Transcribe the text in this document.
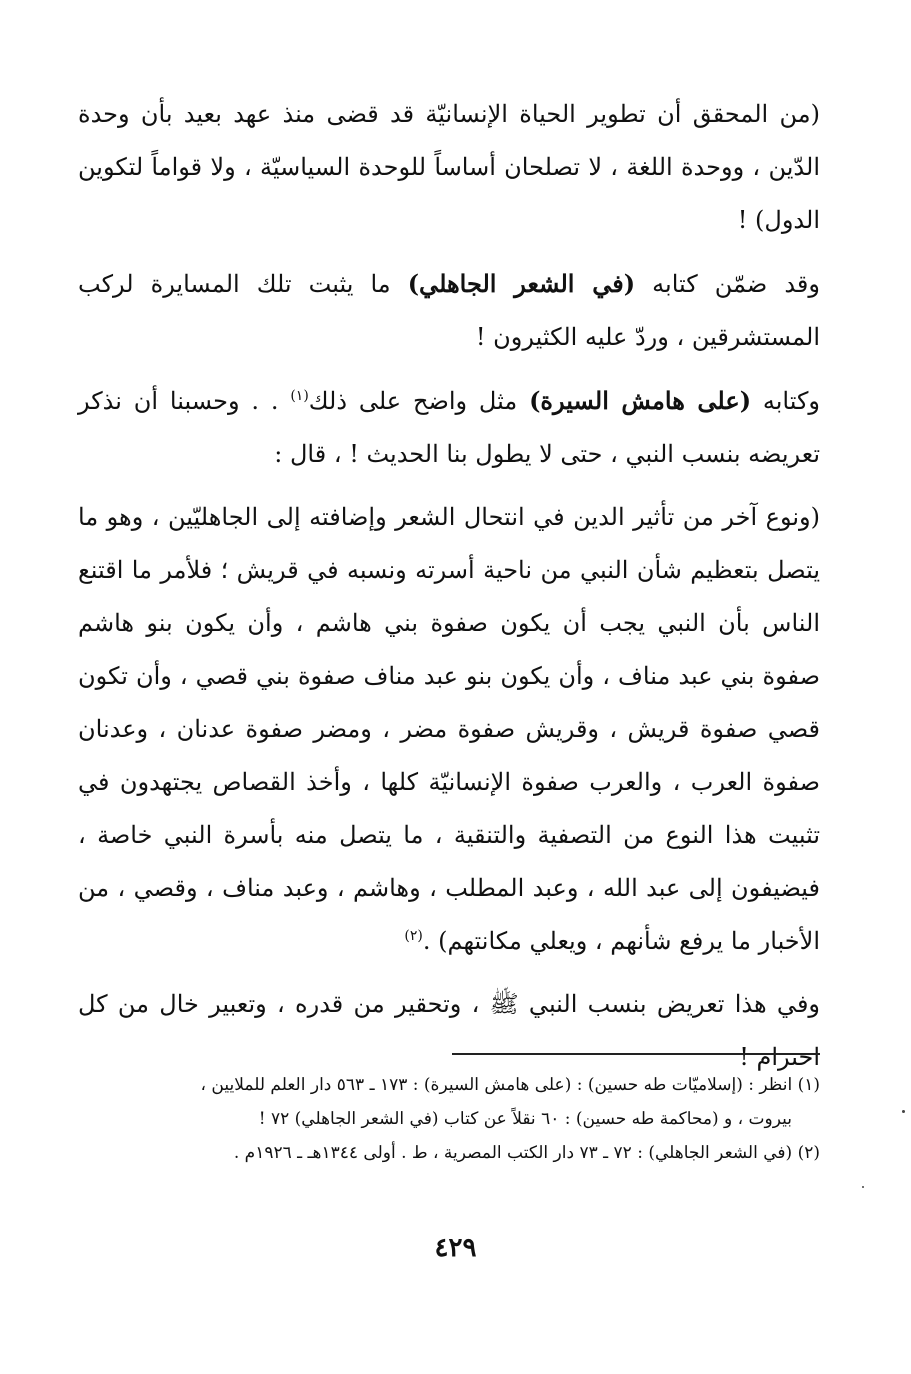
(من المحقق أن تطوير الحياة الإنسانيّة قد قضى منذ عهد بعيد بأن وحدة الدّين ، ووحدة اللغة ، لا تصلحان أساساً للوحدة السياسيّة ، ولا قواماً لتكوين الدول) !

وقد ضمّن كتابه (في الشعر الجاهلي) ما يثبت تلك المسايرة لركب المستشرقين ، وردّ عليه الكثيرون !

وكتابه (على هامش السيرة) مثل واضح على ذلك$^{(١)}$ . . وحسبنا أن نذكر تعريضه بنسب النبي ، حتى لا يطول بنا الحديث ! ، قال :

(ونوع آخر من تأثير الدين في انتحال الشعر وإضافته إلى الجاهليّين ، وهو ما يتصل بتعظيم شأن النبي من ناحية أسرته ونسبه في قريش ؛ فلأمر ما اقتنع الناس بأن النبي يجب أن يكون صفوة بني هاشم ، وأن يكون بنو هاشم صفوة بني عبد مناف ، وأن يكون بنو عبد مناف صفوة بني قصي ، وأن تكون قصي صفوة قريش ، وقريش صفوة مضر ، ومضر صفوة عدنان ، وعدنان صفوة العرب ، والعرب صفوة الإنسانيّة كلها ، وأخذ القصاص يجتهدون في تثبيت هذا النوع من التصفية والتنقية ، ما يتصل منه بأسرة النبي خاصة ، فيضيفون إلى عبد الله ، وعبد المطلب ، وهاشم ، وعبد مناف ، وقصي ، من الأخبار ما يرفع شأنهم ، ويعلي مكانتهم) .$^{(٢)}$

وفي هذا تعريض بنسب النبي ﷺ ، وتحقير من قدره ، وتعبير خال من كل احترام !

(١) انظر : (إسلاميّات طه حسين) : (على هامش السيرة) : ١٧٣ ـ ٥٦٣ دار العلم للملايين ،

بيروت ، و (محاكمة طه حسين) : ٦٠ نقلاً عن كتاب (في الشعر الجاهلي) ٧٢ !

(٢) (في الشعر الجاهلي) : ٧٢ ـ ٧٣ دار الكتب المصرية ، ط . أولى ١٣٤٤هـ ـ ١٩٢٦م .

٤٢٩
